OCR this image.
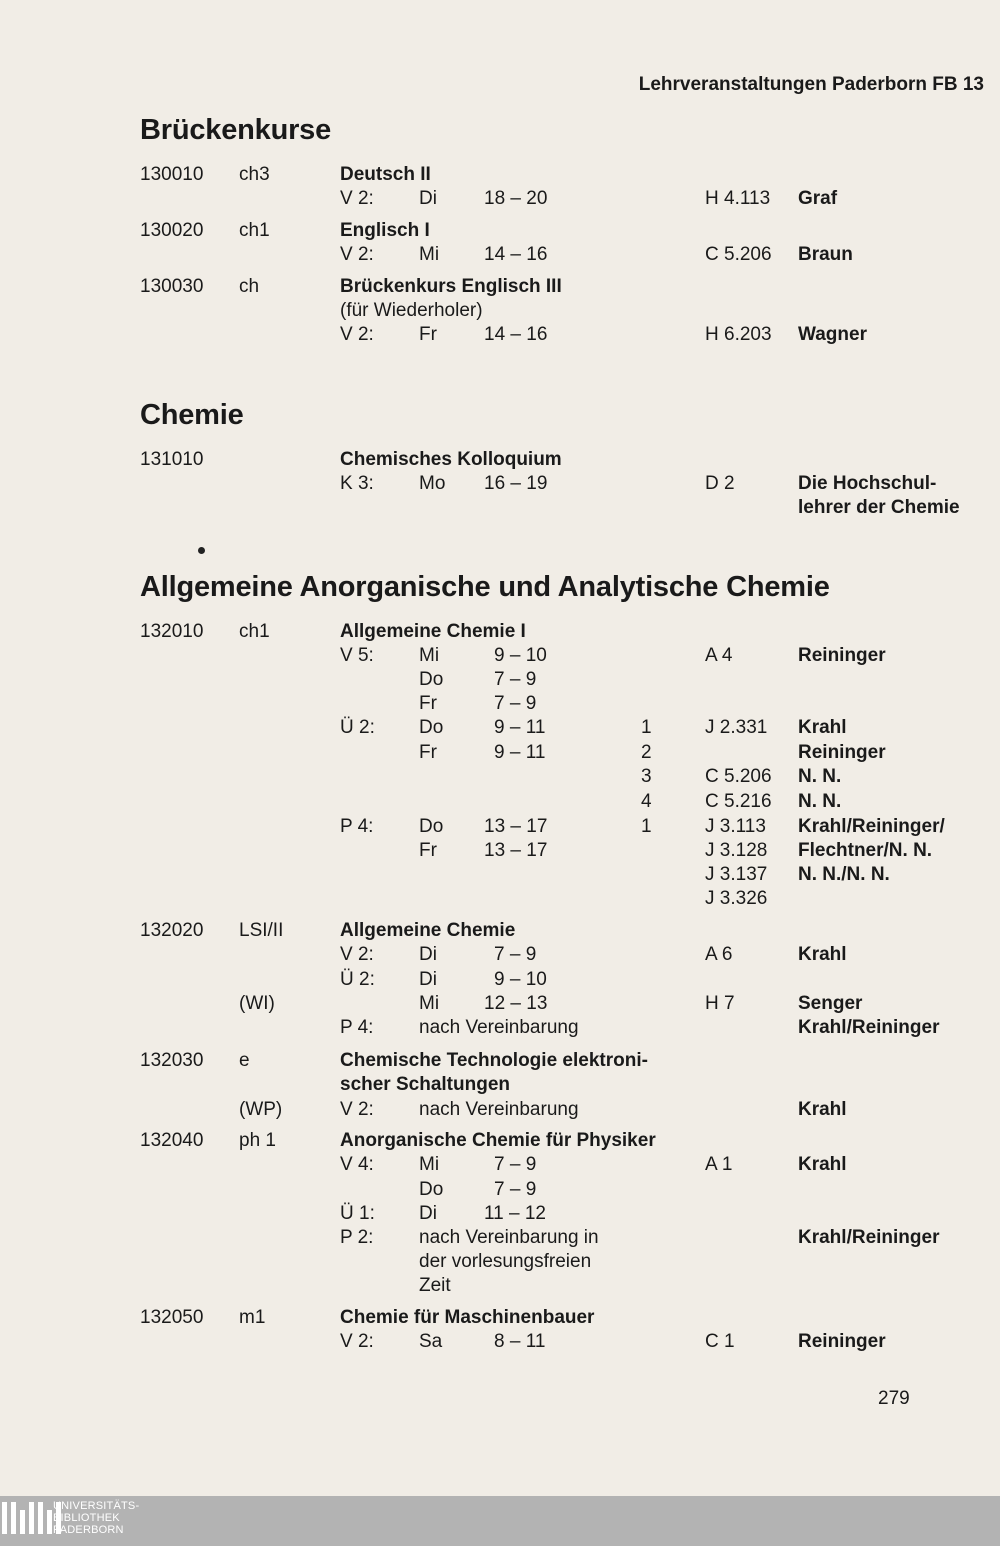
Lehrveranstaltungen Paderborn FB 13
Brückenkurse
130010 ch3	Deutsch II
V 2: Di 18 – 20	H 4.113 Graf
130020 ch1	Englisch I
V 2: Mi 14 – 16	C 5.206 Braun
130030 ch	Brückenkurs Englisch III
(für Wiederholer)
V 2: Fr 14 – 16	H 6.203 Wagner
Chemie
131010	Chemisches Kolloquium
K 3: Mo 16 – 19	D 2	Die Hochschul-
lehrer der Chemie
Allgemeine Anorganische und Analytische Chemie
132010 ch1	Allgemeine Chemie I
V 5: Mi	9 – 10	A 4	Reininger
Do	7 – 9
Fr	7 – 9
Ü 2: Do	9 – 11	1	J 2.331 Krahl
Fr	9 – 11	2	Reininger
3	C 5.206 N. N.
4	C 5.216 N. N.
P 4: Do 13 – 17	1	J 3.113 Krahl/Reininger/
Fr 13 – 17	J 3.128 Flechtner/N. N.
J 3.137 N. N./N. N.
J 3.326
132020 LSI/II	Allgemeine Chemie
V 2: Di	7 – 9	A 6	Krahl
Ü 2: Di	9 – 10
(WI)	Mi 12 – 13	H 7	Senger
P 4: nach Vereinbarung	Krahl/Reininger
132030 e	Chemische Technologie elektroni-
scher Schaltungen
(WP)	V 2: nach Vereinbarung	Krahl
132040 ph 1	Anorganische Chemie für Physiker
V 4: Mi	7 – 9	A 1	Krahl
Do	7 – 9
Ü 1: Di 11 – 12
P 2: nach Vereinbarung in	Krahl/Reininger
der vorlesungsfreien
Zeit
132050 m1	Chemie für Maschinenbauer
V 2: Sa	8 – 11	C 1	Reininger
279
UNIVERSITÄTS-
BIBLIOTHEK
PADERBORN
